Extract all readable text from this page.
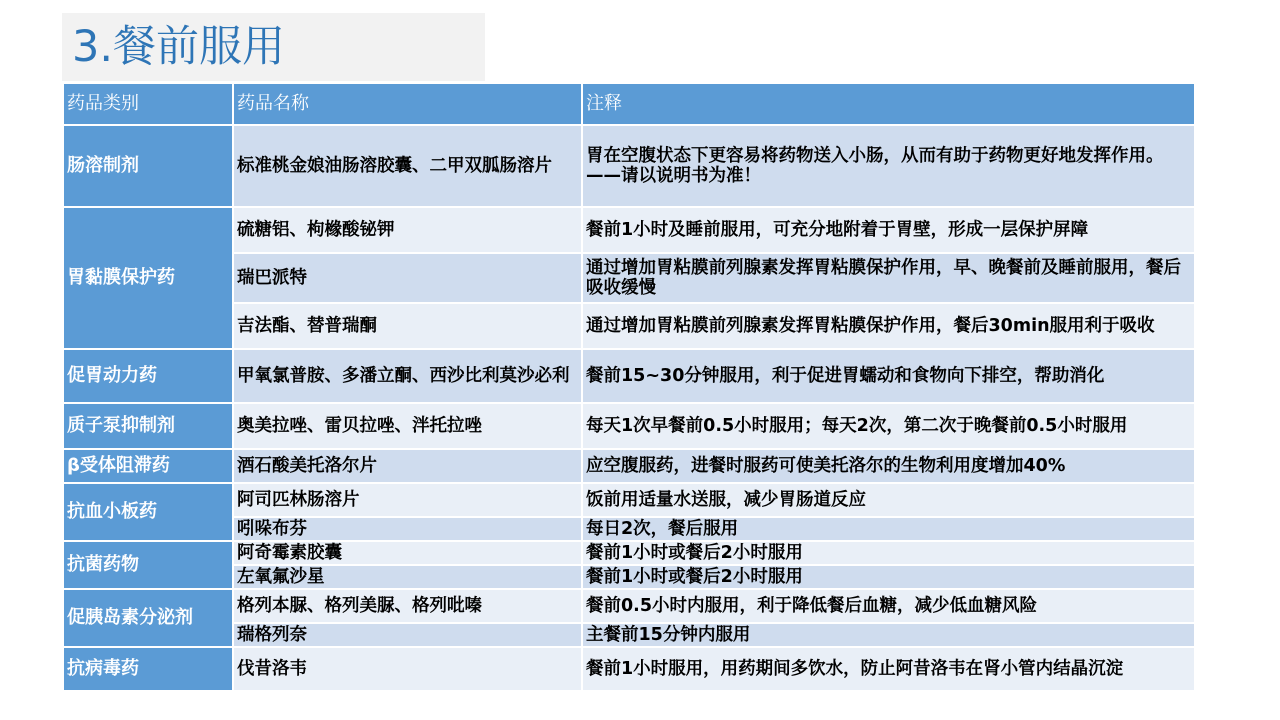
3.餐前服用
药品类别	药品名称	注释
肠溶制剂	标准桃金娘油肠溶胶囊、二甲双胍肠溶片	胃在空腹状态下更容易将药物送入小肠，从而有助于药物更好地发挥作用。
——请以说明书为准！

胃黏膜保护药	硫糖铝、枸橼酸铋钾	餐前1小时及睡前服用，可充分地附着于胃壁，形成一层保护屏障
	瑞巴派特	通过增加胃粘膜前列腺素发挥胃粘膜保护作用，早、晚餐前及睡前服用，餐后吸收缓慢
	吉法酯、替普瑞酮	通过增加胃粘膜前列腺素发挥胃粘膜保护作用，餐后30min服用利于吸收
促胃动力药	甲氧氯普胺、多潘立酮、西沙比利莫沙必利	餐前15~30分钟服用，利于促进胃蠕动和食物向下排空，帮助消化
质子泵抑制剂	奥美拉唑、雷贝拉唑、泮托拉唑	每天1次早餐前0.5小时服用；每天2次，第二次于晚餐前0.5小时服用
β受体阻滞药	酒石酸美托洛尔片	应空腹服药，进餐时服药可使美托洛尔的生物利用度增加40%
抗血小板药	阿司匹林肠溶片	饭前用适量水送服，减少胃肠道反应
	吲哚布芬	每日2次，餐后服用
抗菌药物	阿奇霉素胶囊	餐前1小时或餐后2小时服用
	左氧氟沙星	餐前1小时或餐后2小时服用
促胰岛素分泌剂	格列本脲、格列美脲、格列吡嗪	餐前0.5小时内服用，利于降低餐后血糖，减少低血糖风险
	瑞格列奈	主餐前15分钟内服用
抗病毒药	伐昔洛韦	餐前1小时服用，用药期间多饮水，防止阿昔洛韦在肾小管内结晶沉淀
